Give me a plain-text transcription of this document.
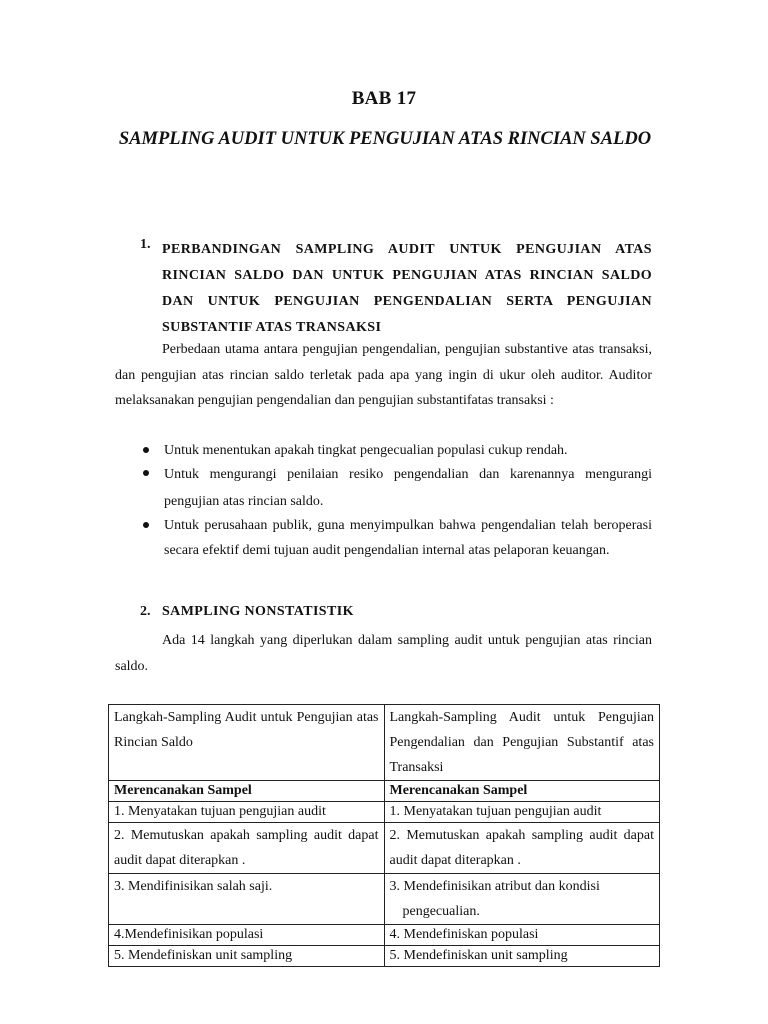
BAB 17
SAMPLING AUDIT UNTUK PENGUJIAN ATAS RINCIAN SALDO
1. PERBANDINGAN SAMPLING AUDIT UNTUK PENGUJIAN ATAS RINCIAN SALDO DAN UNTUK PENGUJIAN ATAS RINCIAN SALDO DAN UNTUK PENGUJIAN PENGENDALIAN SERTA PENGUJIAN SUBSTANTIF ATAS TRANSAKSI
Perbedaan utama antara pengujian pengendalian, pengujian substantive atas transaksi, dan pengujian atas rincian saldo terletak pada apa yang ingin di ukur oleh auditor. Auditor melaksanakan pengujian pengendalian dan pengujian substantifatas transaksi :
Untuk menentukan apakah tingkat pengecualian populasi cukup rendah.
Untuk mengurangi penilaian resiko pengendalian dan karenannya mengurangi pengujian atas rincian saldo.
Untuk perusahaan publik, guna menyimpulkan bahwa pengendalian telah beroperasi secara efektif demi tujuan audit pengendalian internal atas pelaporan keuangan.
2. SAMPLING NONSTATISTIK
Ada 14 langkah yang diperlukan dalam sampling audit untuk pengujian atas rincian saldo.
Langkah-Sampling Audit untuk Pengujian atas Rincian Saldo	Langkah-Sampling Audit untuk Pengujian Pengendalian dan Pengujian Substantif atas Transaksi
Merencanakan Sampel	Merencanakan Sampel
1. Menyatakan tujuan pengujian audit	1. Menyatakan tujuan pengujian audit
2. Memutuskan apakah sampling audit dapat audit dapat diterapkan .	2. Memutuskan apakah sampling audit dapat audit dapat diterapkan .
3. Mendifinisikan salah saji.	3. Mendefinisikan atribut dan kondisi
pengecualian.

4.Mendefinisikan populasi	4. Mendefiniskan populasi
5. Mendefiniskan unit sampling	5. Mendefiniskan unit sampling
